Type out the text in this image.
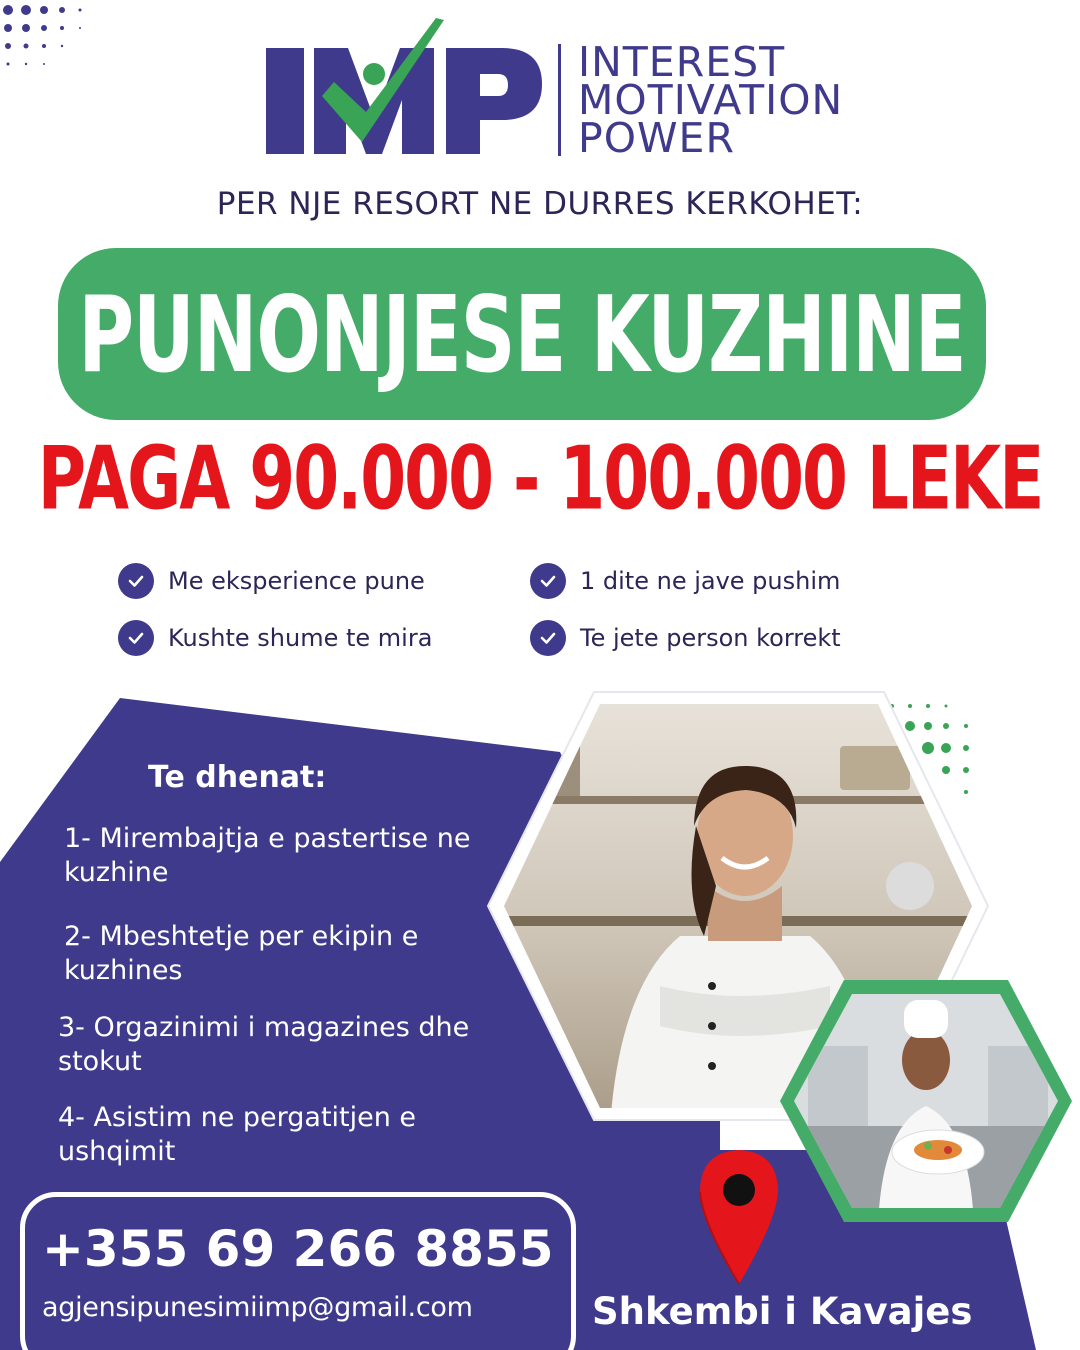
INTEREST
MOTIVATION
POWER
PER NJE RESORT NE DURRES KERKOHET:
PUNONJESE KUZHINE
PAGA 90.000 - 100.000 LEKE
Me eksperience pune	1 dite ne jave pushim
Kushte shume te mira	Te jete person korrekt
Te dhenat:
1- Mirembajtja e pastertise ne kuzhine
2- Mbeshtetje per ekipin e kuzhines
3- Orgazinimi i magazines dhe stokut
4- Asistim ne pergatitjen e ushqimit
+355 69 266 8855
agjensipunesimiimp@gmail.com	Shkembi i Kavajes
